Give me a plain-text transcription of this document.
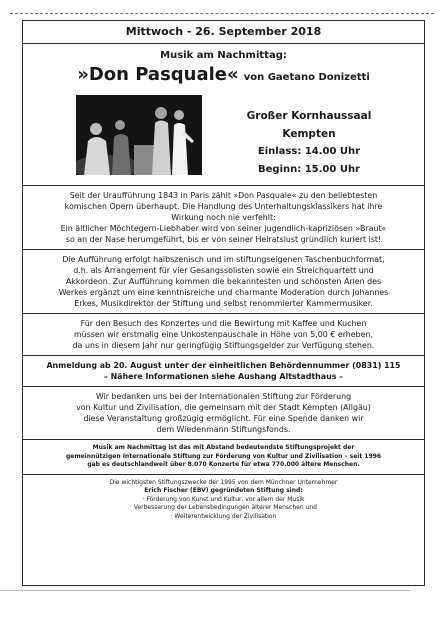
Mittwoch - 26. September 2018
Musik am Nachmittag:
»Don Pasquale« von Gaetano Donizetti
Großer Kornhaussaal Kempten
Einlass: 14.00 Uhr
Beginn: 15.00 Uhr
Seit der Uraufführung 1843 in Paris zählt »Don Pasquale« zu den beliebtesten
komischen Opern überhaupt. Die Handlung des Unterhaltungsklassikers hat ihre
Wirkung noch nie verfehlt:
Ein ältlicher Möchtegern-Liebhaber wird von seiner jugendlich-kapriziösen »Braut«
so an der Nase herumgeführt, bis er von seiner Heiratslust gründlich kuriert ist!
Die Aufführung erfolgt halbszenisch und im stiftungseigenen Taschenbuchformat,
d.h. als Arrangement für vier Gesangssolisten sowie ein Streichquartett und
Akkordeon. Zur Aufführung kommen die bekanntesten und schönsten Arien des
Werkes ergänzt um eine kenntnisreiche und charmante Moderation durch Johannes
Erkes, Musikdirektor der Stiftung und selbst renommierter Kammermusiker.
Für den Besuch des Konzertes und die Bewirtung mit Kaffee und Kuchen
müssen wir erstmalig eine Unkostenpauschale in Höhe von 5,00 € erheben,
da uns in diesem Jahr nur geringfügig Stiftungsgelder zur Verfügung stehen.
Anmeldung ab 20. August unter der einheitlichen Behördennummer (0831) 115
– Nähere Informationen siehe Aushang Altstadthaus –
Wir bedanken uns bei der Internationalen Stiftung zur Förderung
von Kultur und Zivilisation, die gemeinsam mit der Stadt Kempten (Allgäu)
diese Veranstaltung großzügig ermöglicht. Für eine Spende danken wir
dem Wiedenmann Stiftungsfonds.
Musik am Nachmittag ist das mit Abstand bedeutendste Stiftungsprojekt der
gemeinnützigen Internationale Stiftung zur Förderung von Kultur und Zivilisation – seit 1996
gab es deutschlandweit über 8.070 Konzerte für etwa 770.000 ältere Menschen.
Die wichtigsten Stiftungszwecke der 1995 von dem Münchner Unternehmer
Erich Fischer (EBV) gegründeten Stiftung sind:
· Förderung von Kunst und Kultur, vor allem der Musik
· Verbesserung der Lebensbedingungen älterer Menschen und
· Weiterentwicklung der Zivilisation
